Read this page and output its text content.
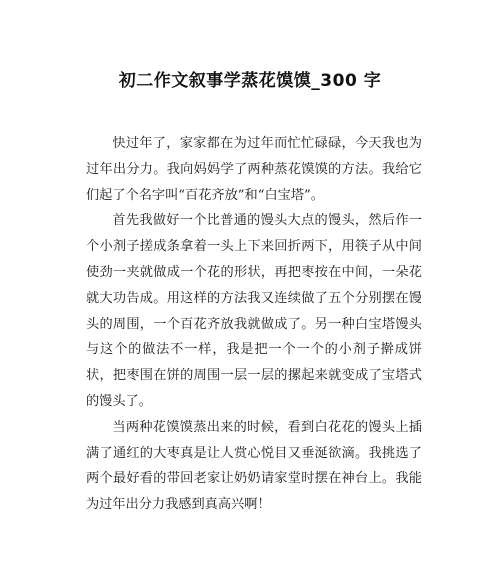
初二作文叙事学蒸花馍馍_300 字

快过年了，家家都在为过年而忙忙碌碌，今天我也为过年出分力。我向妈妈学了两种蒸花馍馍的方法。我给它们起了个名字叫“百花齐放”和“白宝塔”。

首先我做好一个比普通的馒头大点的馒头，然后作一个小剂子搓成条拿着一头上下来回折两下，用筷子从中间使劲一夹就做成一个花的形状，再把枣按在中间，一朵花就大功告成。用这样的方法我又连续做了五个分别摆在馒头的周围，一个百花齐放我就做成了。另一种白宝塔馒头与这个的做法不一样，我是把一个一个的小剂子擀成饼状，把枣围在饼的周围一层一层的摞起来就变成了宝塔式的馒头了。

当两种花馍馍蒸出来的时候，看到白花花的馒头上插满了通红的大枣真是让人赏心悦目又垂涎欲滴。我挑选了两个最好看的带回老家让奶奶请家堂时摆在神台上。我能为过年出分力我感到真高兴啊！
